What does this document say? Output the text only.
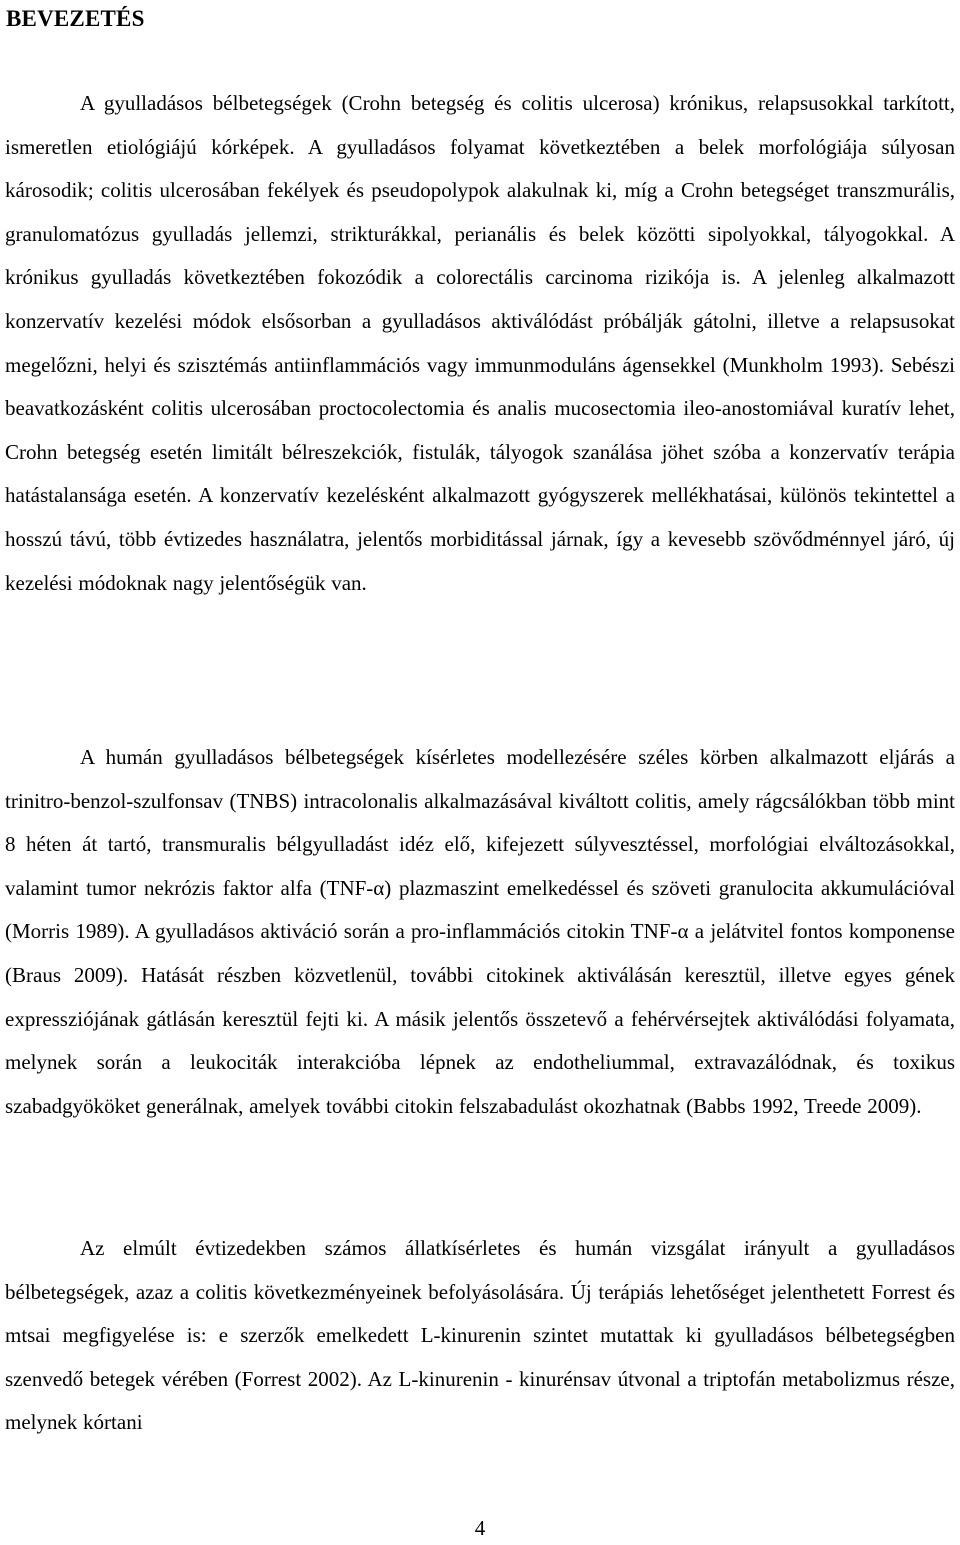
BEVEZETÉS

A gyulladásos bélbetegségek (Crohn betegség és colitis ulcerosa) krónikus, relapsusokkal tarkított, ismeretlen etiológiájú kórképek. A gyulladásos folyamat következtében a belek morfológiája súlyosan károsodik; colitis ulcerosában fekélyek és pseudopolypok alakulnak ki, míg a Crohn betegséget transzmurális, granulomatózus gyulladás jellemzi, strikturákkal, perianális és belek közötti sipolyokkal, tályogokkal. A krónikus gyulladás következtében fokozódik a colorectális carcinoma rizikója is. A jelenleg alkalmazott konzervatív kezelési módok elsősorban a gyulladásos aktiválódást próbálják gátolni, illetve a relapsusokat megelőzni, helyi és szisztémás antiinflammációs vagy immunmoduláns ágensekkel (Munkholm 1993). Sebészi beavatkozásként colitis ulcerosában proctocolectomia és analis mucosectomia ileo-anostomiával kuratív lehet, Crohn betegség esetén limitált bélreszekciók, fistulák, tályogok szanálása jöhet szóba a konzervatív terápia hatástalansága esetén. A konzervatív kezelésként alkalmazott gyógyszerek mellékhatásai, különös tekintettel a hosszú távú, több évtizedes használatra, jelentős morbiditással járnak, így a kevesebb szövődménnyel járó, új kezelési módoknak nagy jelentőségük van.

A humán gyulladásos bélbetegségek kísérletes modellezésére széles körben alkalmazott eljárás a trinitro-benzol-szulfonsav (TNBS) intracolonalis alkalmazásával kiváltott colitis, amely rágcsálókban több mint 8 héten át tartó, transmuralis bélgyulladást idéz elő, kifejezett súlyvesztéssel, morfológiai elváltozásokkal, valamint tumor nekrózis faktor alfa (TNF-α) plazmaszint emelkedéssel és szöveti granulocita akkumulációval (Morris 1989). A gyulladásos aktiváció során a pro-inflammációs citokin TNF-α a jelátvitel fontos komponense (Braus 2009). Hatását részben közvetlenül, további citokinek aktiválásán keresztül, illetve egyes gének expressziójának gátlásán keresztül fejti ki. A másik jelentős összetevő a fehérvérsejtek aktiválódási folyamata, melynek során a leukociták interakcióba lépnek az endotheliummal, extravazálódnak, és toxikus szabadgyököket generálnak, amelyek további citokin felszabadulást okozhatnak (Babbs 1992, Treede 2009).

Az elmúlt évtizedekben számos állatkísérletes és humán vizsgálat irányult a gyulladásos bélbetegségek, azaz a colitis következményeinek befolyásolására. Új terápiás lehetőséget jelenthetett Forrest és mtsai megfigyelése is: e szerzők emelkedett L-kinurenin szintet mutattak ki gyulladásos bélbetegségben szenvedő betegek vérében (Forrest 2002). Az L-kinurenin - kinurénsav útvonal a triptofán metabolizmus része, melynek kórtani

4
